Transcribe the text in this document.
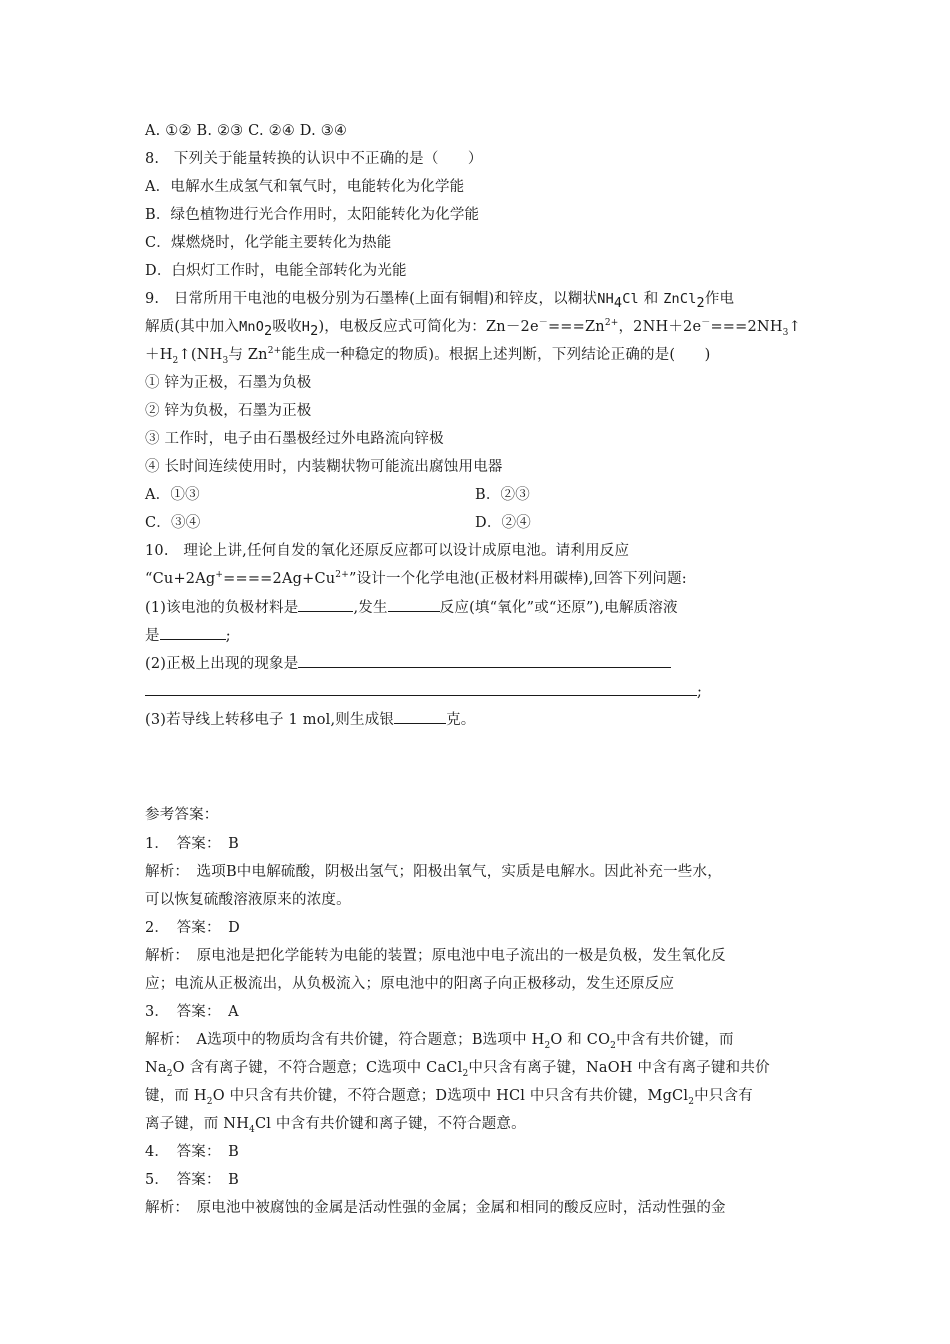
A. ①② B. ②③ C. ②④ D. ③④
8.　下列关于能量转换的认识中不正确的是（　　）
A．电解水生成氢气和氧气时，电能转化为化学能
B．绿色植物进行光合作用时，太阳能转化为化学能
C．煤燃烧时，化学能主要转化为热能
D．白炽灯工作时，电能全部转化为光能
9.　日常所用干电池的电极分别为石墨棒(上面有铜帽)和锌皮，以糊状$NH_4Cl$ 和 ZnCl$_2$作电
解质(其中加入MnO$_2$吸收$H_2$)，电极反应式可简化为：$Zn-2e^-===Zn^{2+}$，$2NH+2e^-===2NH_3↑$
$+H_2↑(NH_3$与 $Zn^{2+}$能生成一种稳定的物质)。根据上述判断，下列结论正确的是(　　)
① 锌为正极，石墨为负极
② 锌为负极，石墨为正极
③ 工作时，电子由石墨极经过外电路流向锌极
④ 长时间连续使用时，内装糊状物可能流出腐蚀用电器
A．①③	B．②③
C．③④	D．②④
10.　理论上讲,任何自发的氧化还原反应都可以设计成原电池。请利用反应
“$Cu+2Ag^+====2Ag+Cu^{2+}$”设计一个化学电池(正极材料用碳棒),回答下列问题:
(1)该电池的负极材料是	,发生	反应(填“氧化”或“还原”),电解质溶液
是	;
(2)正极上出现的现象是
;
(3)若导线上转移电子 1 mol,则生成银	克。
参考答案：
1．　答案：　B
解析：　选项B中电解硫酸，阴极出氢气；阳极出氧气，实质是电解水。因此补充一些水，
可以恢复硫酸溶液原来的浓度。
2．　答案：　D
解析：　原电池是把化学能转为电能的装置；原电池中电子流出的一极是负极，发生氧化反
应；电流从正极流出，从负极流入；原电池中的阳离子向正极移动，发生还原反应
3．　答案：　A
解析：　A选项中的物质均含有共价键，符合题意；B选项中 $H_2O$ 和 $CO_2$中含有共价键，而
$Na_2O$ 含有离子键，不符合题意；C选项中 CaCl$_2$中只含有离子键，NaOH 中含有离子键和共价
键，而 $H_2O$ 中只含有共价键，不符合题意；D选项中 HCl 中只含有共价键，MgCl$_2$中只含有
离子键，而 $NH_4Cl$ 中含有共价键和离子键，不符合题意。
4．　答案：　B
5．　答案：　B
解析：　原电池中被腐蚀的金属是活动性强的金属；金属和相同的酸反应时，活动性强的金
